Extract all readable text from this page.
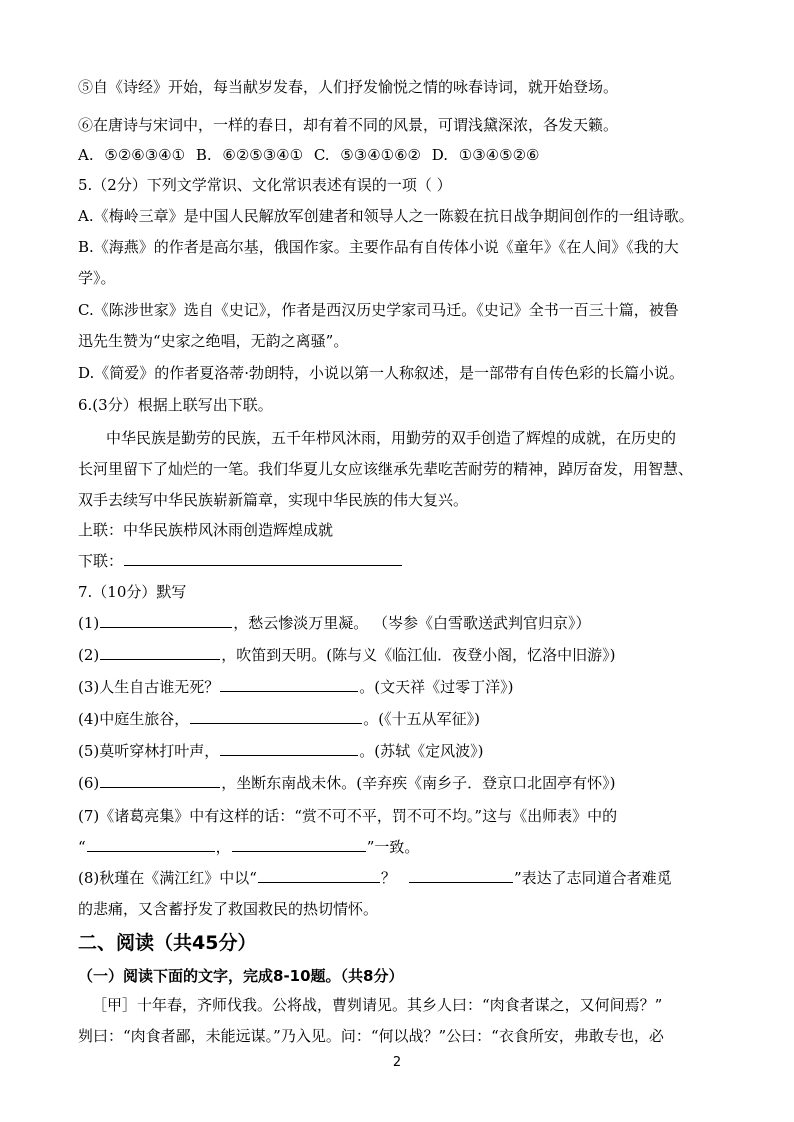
⑤自《诗经》开始，每当献岁发春，人们抒发愉悦之情的咏春诗词，就开始登场。
⑥在唐诗与宋词中，一样的春日，却有着不同的风景，可谓浅黛深浓，各发天籁。
A. ⑤②⑥③④① B. ⑥②⑤③④① C. ⑤③④①⑥② D. ①③④⑤②⑥
5.（2分）下列文学常识、文化常识表述有误的一项（ ）
A.《梅岭三章》是中国人民解放军创建者和领导人之一陈毅在抗日战争期间创作的一组诗歌。
B.《海燕》的作者是高尔基，俄国作家。主要作品有自传体小说《童年》《在人间》《我的大
学》。
C.《陈涉世家》选自《史记》，作者是西汉历史学家司马迁。《史记》全书一百三十篇，被鲁
迅先生赞为“史家之绝唱，无韵之离骚”。
D.《简爱》的作者夏洛蒂·勃朗特，小说以第一人称叙述，是一部带有自传色彩的长篇小说。
6.(3分）根据上联写出下联。
中华民族是勤劳的民族，五千年栉风沐雨，用勤劳的双手创造了辉煌的成就，在历史的
长河里留下了灿烂的一笔。我们华夏儿女应该继承先辈吃苦耐劳的精神，踔厉奋发，用智慧、
双手去续写中华民族崭新篇章，实现中华民族的伟大复兴。
上联：中华民族栉风沐雨创造辉煌成就
下联：
7.（10分）默写
(1)	，愁云惨淡万里凝。 （岑参《白雪歌送武判官归京》）
(2)	，吹笛到天明。(陈与义《临江仙．夜登小阁，忆洛中旧游》)
(3)人生自古谁无死？	。(文天祥《过零丁洋》)
(4)中庭生旅谷，	。(《十五从军征》)
(5)莫听穿林打叶声，	。(苏轼《定风波》)
(6)	，坐断东南战未休。(辛弃疾《南乡子．登京口北固亭有怀》)
(7)《诸葛亮集》中有这样的话：“赏不可不平，罚不可不均。”这与《出师表》中的
“	，	”一致。
(8)秋瑾在《满江红》中以“	？	”表达了志同道合者难觅
的悲痛，又含蓄抒发了救国救民的热切情怀。
二、阅读（共45分）
（一）阅读下面的文字，完成8-10题。（共8分）
［甲］十年春，齐师伐我。公将战，曹刿请见。其乡人曰：“肉食者谋之，又何间焉？”
刿曰：“肉食者鄙，未能远谋。”乃入见。问：“何以战？”公曰：“衣食所安，弗敢专也，必
2
